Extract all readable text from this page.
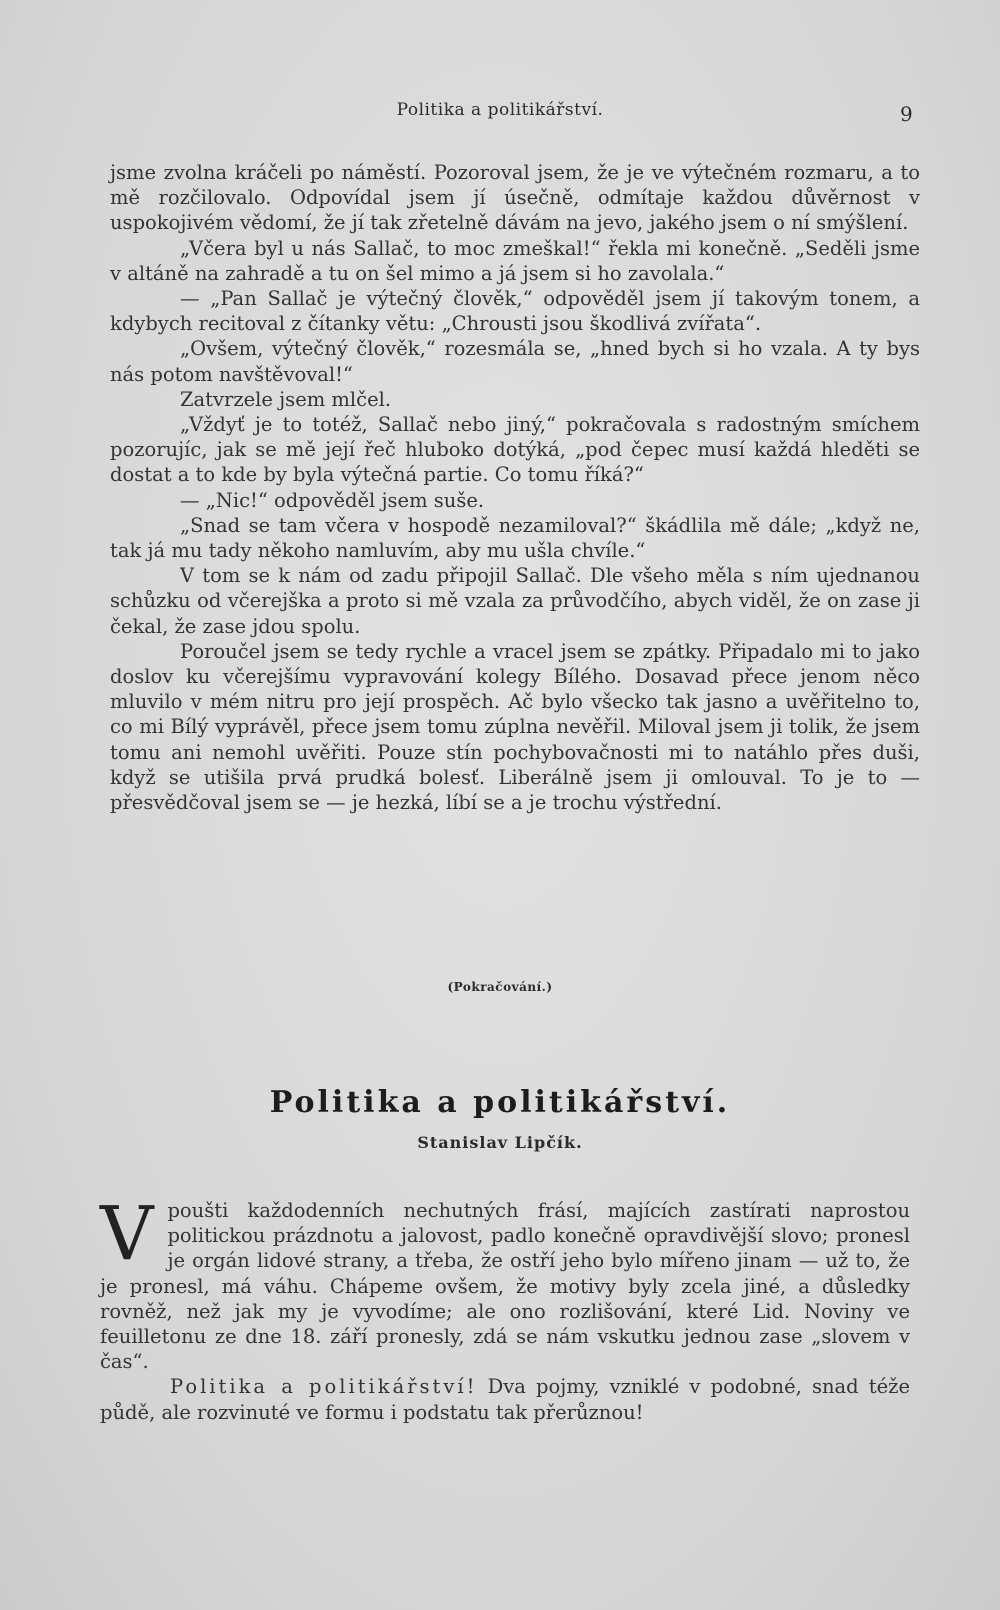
Politika a politikářství.	9

jsme zvolna kráčeli po náměstí. Pozoroval jsem, že je ve výtečném rozmaru, a to mě rozčilovalo. Odpovídal jsem jí úsečně, odmítaje každou důvěrnost v uspokojivém vědomí, že jí tak zřetelně dávám na jevo, jakého jsem o ní smýšlení.

„Včera byl u nás Sallač, to moc zmeškal!“ řekla mi konečně. „Seděli jsme v altáně na zahradě a tu on šel mimo a já jsem si ho zavolala.“

— „Pan Sallač je výtečný člověk,“ odpověděl jsem jí takovým tonem, a kdybych recitoval z čítanky větu: „Chrousti jsou škodlivá zvířata“.

„Ovšem, výtečný člověk,“ rozesmála se, „hned bych si ho vzala. A ty bys nás potom navštěvoval!“

Zatvrzele jsem mlčel.

„Vždyť je to totéž, Sallač nebo jiný,“ pokračovala s radostným smíchem pozorujíc, jak se mě její řeč hluboko dotýká, „pod čepec musí každá hleděti se dostat a to kde by byla výtečná partie. Co tomu říká?“

— „Nic!“ odpověděl jsem suše.

„Snad se tam včera v hospodě nezamiloval?“ škádlila mě dále; „když ne, tak já mu tady někoho namluvím, aby mu ušla chvíle.“

V tom se k nám od zadu připojil Sallač. Dle všeho měla s ním ujednanou schůzku od včerejška a proto si mě vzala za průvodčího, abych viděl, že on zase ji čekal, že zase jdou spolu.

Poroučel jsem se tedy rychle a vracel jsem se zpátky. Připadalo mi to jako doslov ku včerejšímu vypravování kolegy Bílého. Dosavad přece jenom něco mluvilo v mém nitru pro její prospěch. Ač bylo všecko tak jasno a uvěřitelno to, co mi Bílý vyprávěl, přece jsem tomu zúplna nevěřil. Miloval jsem ji tolik, že jsem tomu ani nemohl uvěřiti. Pouze stín pochybovačnosti mi to natáhlo přes duši, když se utišila prvá prudká bolesť. Liberálně jsem ji omlouval. To je to — přesvědčoval jsem se — je hezká, líbí se a je trochu výstřední.

(Pokračování.)
Politika a politikářství.
Stanislav Lipčík.

Vpoušti každodenních nechutných frásí, majících zastírati naprostou politickou prázdnotu a jalovost, padlo konečně opravdivější slovo; pronesl je orgán lidové strany, a třeba, že ostří jeho bylo mířeno jinam — už to, že je pronesl, má váhu. Chápeme ovšem, že motivy byly zcela jiné, a důsledky rovněž, než jak my je vyvodíme; ale ono rozlišování, které Lid. Noviny ve feuilletonu ze dne 18. září pronesly, zdá se nám vskutku jednou zase „slovem v čas“.

Politika a politikářství! Dva pojmy, vzniklé v podobné, snad téže půdě, ale rozvinuté ve formu i podstatu tak přerůznou!
